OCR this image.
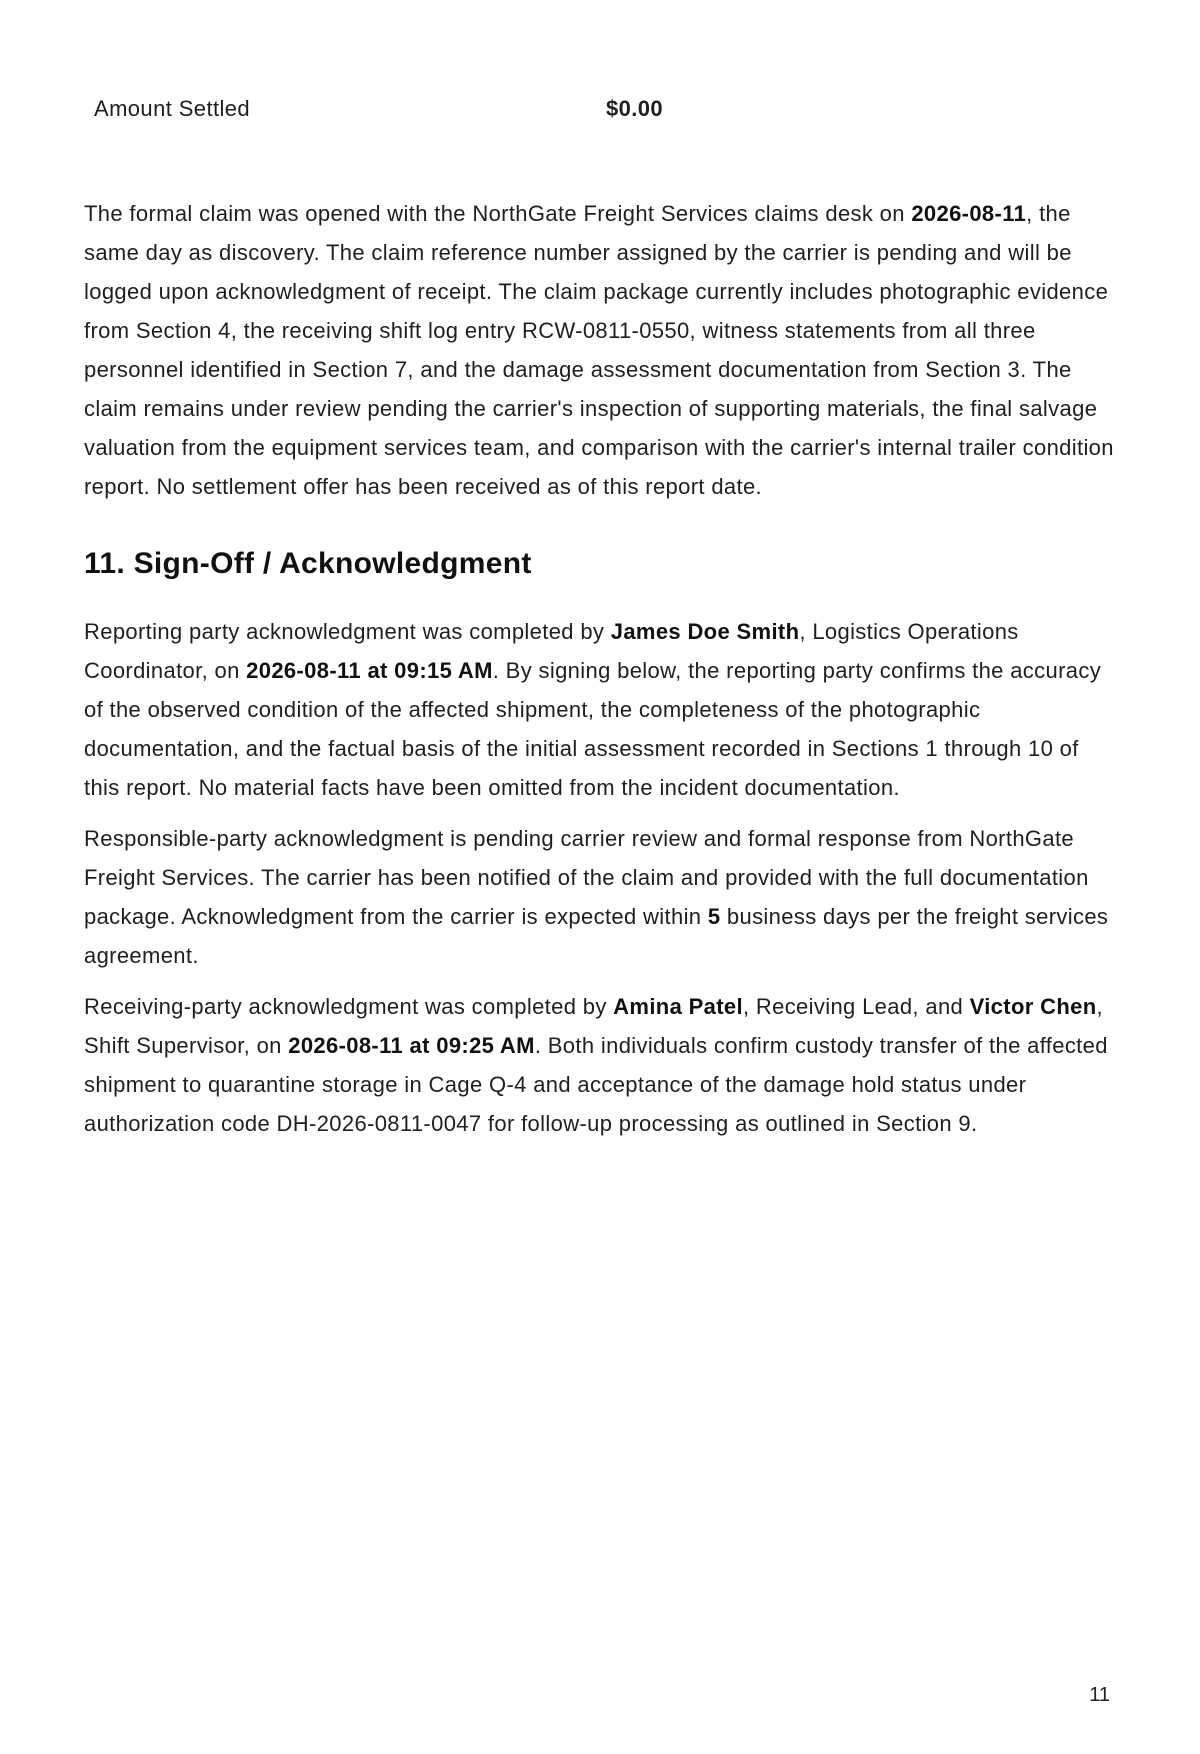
Amount Settled	$0.00

The formal claim was opened with the NorthGate Freight Services claims desk on 2026-08-11, the same day as discovery. The claim reference number assigned by the carrier is pending and will be logged upon acknowledgment of receipt. The claim package currently includes photographic evidence from Section 4, the receiving shift log entry RCW-0811-0550, witness statements from all three personnel identified in Section 7, and the damage assessment documentation from Section 3. The claim remains under review pending the carrier's inspection of supporting materials, the final salvage valuation from the equipment services team, and comparison with the carrier's internal trailer condition report. No settlement offer has been received as of this report date.

11. Sign-Off / Acknowledgment

Reporting party acknowledgment was completed by James Doe Smith, Logistics Operations Coordinator, on 2026-08-11 at 09:15 AM. By signing below, the reporting party confirms the accuracy of the observed condition of the affected shipment, the completeness of the photographic documentation, and the factual basis of the initial assessment recorded in Sections 1 through 10 of this report. No material facts have been omitted from the incident documentation.

Responsible-party acknowledgment is pending carrier review and formal response from NorthGate Freight Services. The carrier has been notified of the claim and provided with the full documentation package. Acknowledgment from the carrier is expected within 5 business days per the freight services agreement.

Receiving-party acknowledgment was completed by Amina Patel, Receiving Lead, and Victor Chen, Shift Supervisor, on 2026-08-11 at 09:25 AM. Both individuals confirm custody transfer of the affected shipment to quarantine storage in Cage Q-4 and acceptance of the damage hold status under authorization code DH-2026-0811-0047 for follow-up processing as outlined in Section 9.

11
